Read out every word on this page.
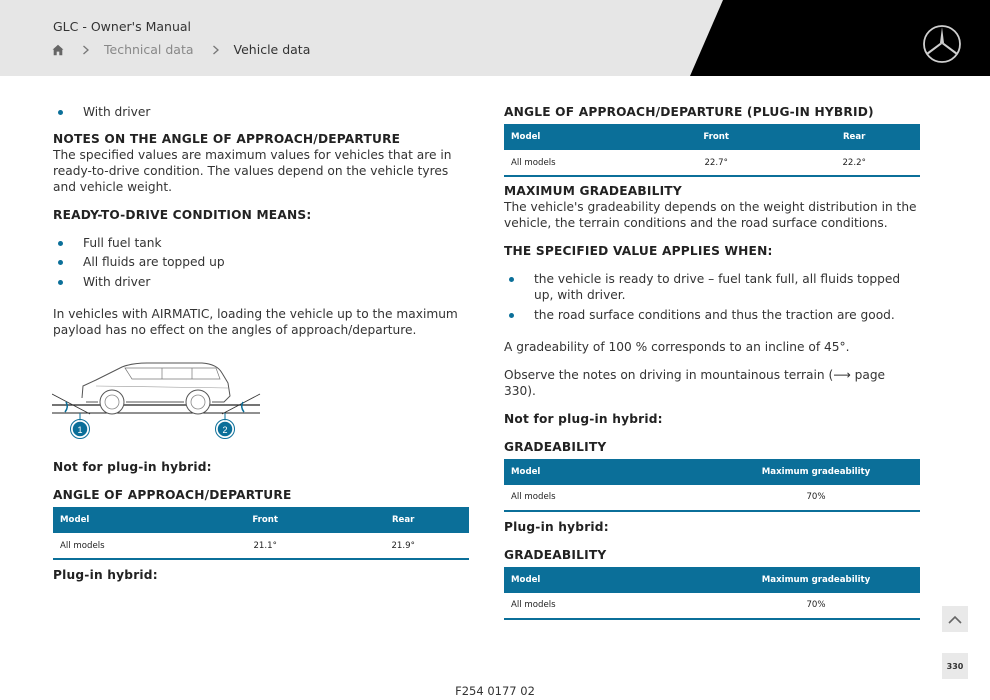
GLC - Owner's Manual
Technical data	Vehicle data
With driver
NOTES ON THE ANGLE OF APPROACH/DEPARTURE
The specified values are maximum values for vehicles that are in ready-to-drive condition. The values depend on the vehicle tyres and vehicle weight.
READY-TO-DRIVE CONDITION MEANS:
Full fuel tank
All fluids are topped up
With driver
In vehicles with AIRMATIC, loading the vehicle up to the maximum payload has no effect on the angles of approach/departure.
1	2
Not for plug-in hybrid:
ANGLE OF APPROACH/DEPARTURE
Model	Front	Rear
All models	21.1°	21.9°
Plug-in hybrid:
ANGLE OF APPROACH/DEPARTURE (PLUG-IN HYBRID)
Model	Front	Rear
All models	22.7°	22.2°
MAXIMUM GRADEABILITY
The vehicle's gradeability depends on the weight distribution in the vehicle, the terrain conditions and the road surface conditions.
THE SPECIFIED VALUE APPLIES WHEN:
the vehicle is ready to drive – fuel tank full, all fluids topped up, with driver.
the road surface conditions and thus the traction are good.
A gradeability of 100 % corresponds to an incline of 45°.
Observe the notes on driving in mountainous terrain (⟶ page 330).
Not for plug-in hybrid:
GRADEABILITY
Model	Maximum gradeability
All models	70%
Plug-in hybrid:
GRADEABILITY
Model	Maximum gradeability
All models	70%
330
F254 0177 02
